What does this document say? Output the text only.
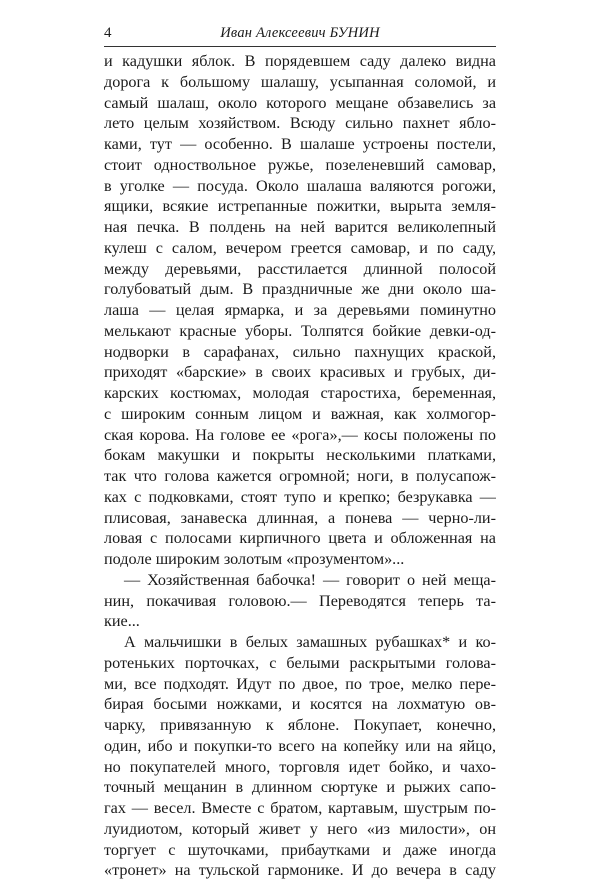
4	Иван Алексеевич БУНИН
и кадушки яблок. В порядевшем саду далеко видна
дорога к большому шалашу, усыпанная соломой, и
самый шалаш, около которого мещане обзавелись за
лето целым хозяйством. Всюду сильно пахнет ябло-
ками, тут — особенно. В шалаше устроены постели,
стоит одноствольное ружье, позеленевший самовар,
в уголке — посуда. Около шалаша валяются рогожи,
ящики, всякие истрепанные пожитки, вырыта земля-
ная печка. В полдень на ней варится великолепный
кулеш с салом, вечером греется самовар, и по саду,
между деревьями, расстилается длинной полосой
голубоватый дым. В праздничные же дни около ша-
лаша — целая ярмарка, и за деревьями поминутно
мелькают красные уборы. Толпятся бойкие девки-од-
нодворки в сарафанах, сильно пахнущих краской,
приходят «барские» в своих красивых и грубых, ди-
карских костюмах, молодая старостиха, беременная,
с широким сонным лицом и важная, как холмогор-
ская корова. На голове ее «рога»,— косы положены по
бокам макушки и покрыты несколькими платками,
так что голова кажется огромной; ноги, в полусапож-
ках с подковками, стоят тупо и крепко; безрукавка —
плисовая, занавеска длинная, а понева — черно-ли-
ловая с полосами кирпичного цвета и обложенная на
подоле широким золотым «прозументом»...
— Хозяйственная бабочка! — говорит о ней меща-
нин, покачивая головою.— Переводятся теперь та-
кие...
А мальчишки в белых замашных рубашках* и ко-
ротеньких порточках, с белыми раскрытыми голова-
ми, все подходят. Идут по двое, по трое, мелко пере-
бирая босыми ножками, и косятся на лохматую ов-
чарку, привязанную к яблоне. Покупает, конечно,
один, ибо и покупки-то всего на копейку или на яйцо,
но покупателей много, торговля идет бойко, и чахо-
точный мещанин в длинном сюртуке и рыжих сапо-
гах — весел. Вместе с братом, картавым, шустрым по-
луидиотом, который живет у него «из милости», он
торгует с шуточками, прибаутками и даже иногда
«тронет» на тульской гармонике. И до вечера в саду
